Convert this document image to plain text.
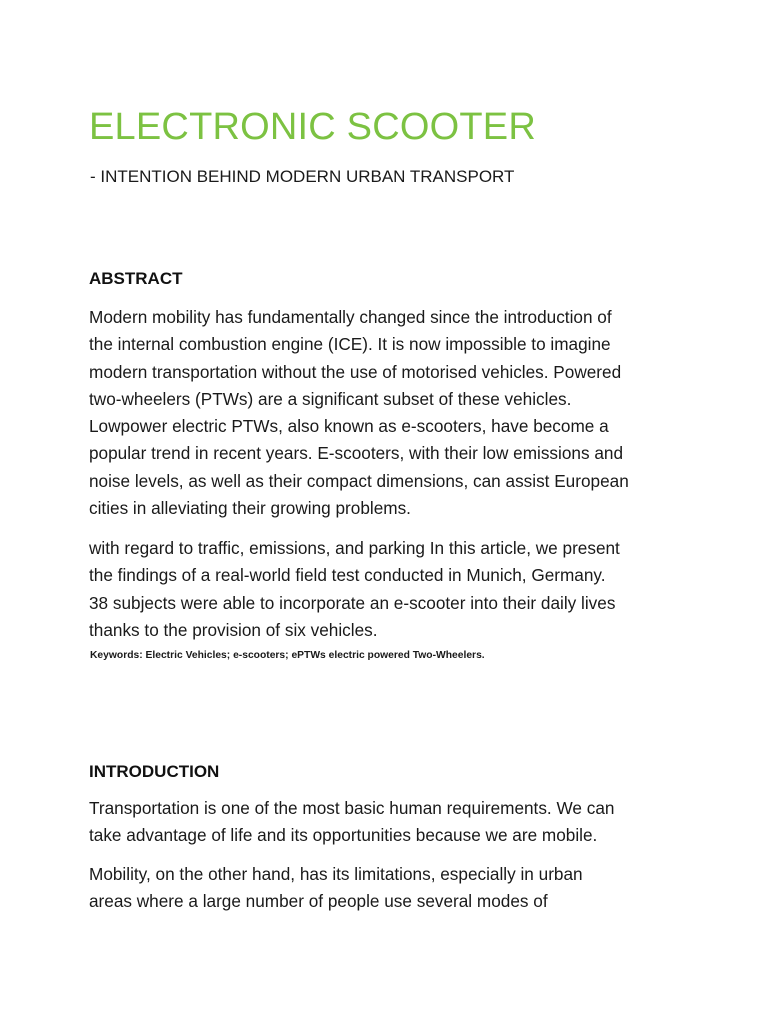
ELECTRONIC SCOOTER

- INTENTION BEHIND MODERN URBAN TRANSPORT

ABSTRACT
Modern mobility has fundamentally changed since the introduction of
the internal combustion engine (ICE). It is now impossible to imagine
modern transportation without the use of motorised vehicles. Powered
two-wheelers (PTWs) are a significant subset of these vehicles.
Lowpower electric PTWs, also known as e-scooters, have become a
popular trend in recent years. E-scooters, with their low emissions and
noise levels, as well as their compact dimensions, can assist European
cities in alleviating their growing problems.
with regard to traffic, emissions, and parking In this article, we present
the findings of a real-world field test conducted in Munich, Germany.
38 subjects were able to incorporate an e-scooter into their daily lives
thanks to the provision of six vehicles.

Keywords: Electric Vehicles; e-scooters; ePTWs electric powered Two-Wheelers.

INTRODUCTION
Transportation is one of the most basic human requirements. We can
take advantage of life and its opportunities because we are mobile.
Mobility, on the other hand, has its limitations, especially in urban
areas where a large number of people use several modes of
